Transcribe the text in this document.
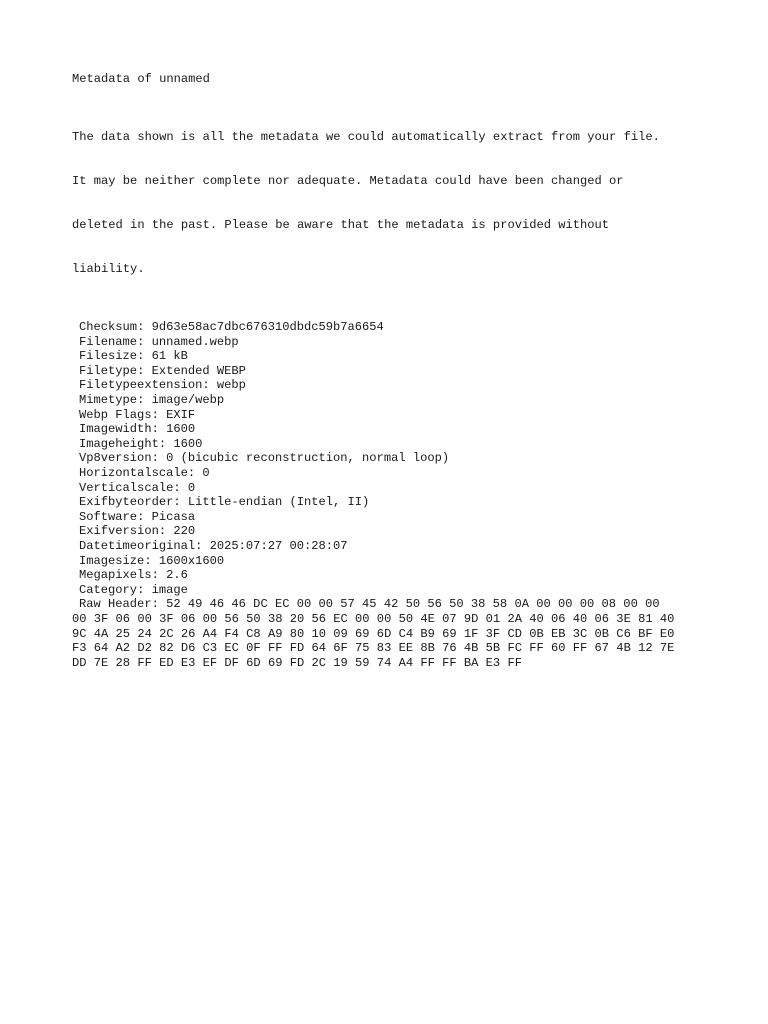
Metadata of unnamed

The data shown is all the metadata we could automatically extract from your file.

It may be neither complete nor adequate. Metadata could have been changed or

deleted in the past. Please be aware that the metadata is provided without

liability.

Checksum: 9d63e58ac7dbc676310dbdc59b7a6654
Filename: unnamed.webp
Filesize: 61 kB
Filetype: Extended WEBP
Filetypeextension: webp
Mimetype: image/webp
Webp Flags: EXIF
Imagewidth: 1600
Imageheight: 1600
Vp8version: 0 (bicubic reconstruction, normal loop)
Horizontalscale: 0
Verticalscale: 0
Exifbyteorder: Little-endian (Intel, II)
Software: Picasa
Exifversion: 220
Datetimeoriginal: 2025:07:27 00:28:07
Imagesize: 1600x1600
Megapixels: 2.6
Category: image
Raw Header: 52 49 46 46 DC EC 00 00 57 45 42 50 56 50 38 58 0A 00 00 00 08 00 00
00 3F 06 00 3F 06 00 56 50 38 20 56 EC 00 00 50 4E 07 9D 01 2A 40 06 40 06 3E 81 40
9C 4A 25 24 2C 26 A4 F4 C8 A9 80 10 09 69 6D C4 B9 69 1F 3F CD 0B EB 3C 0B C6 BF E0
F3 64 A2 D2 82 D6 C3 EC 0F FF FD 64 6F 75 83 EE 8B 76 4B 5B FC FF 60 FF 67 4B 12 7E
DD 7E 28 FF ED E3 EF DF 6D 69 FD 2C 19 59 74 A4 FF FF BA E3 FF
